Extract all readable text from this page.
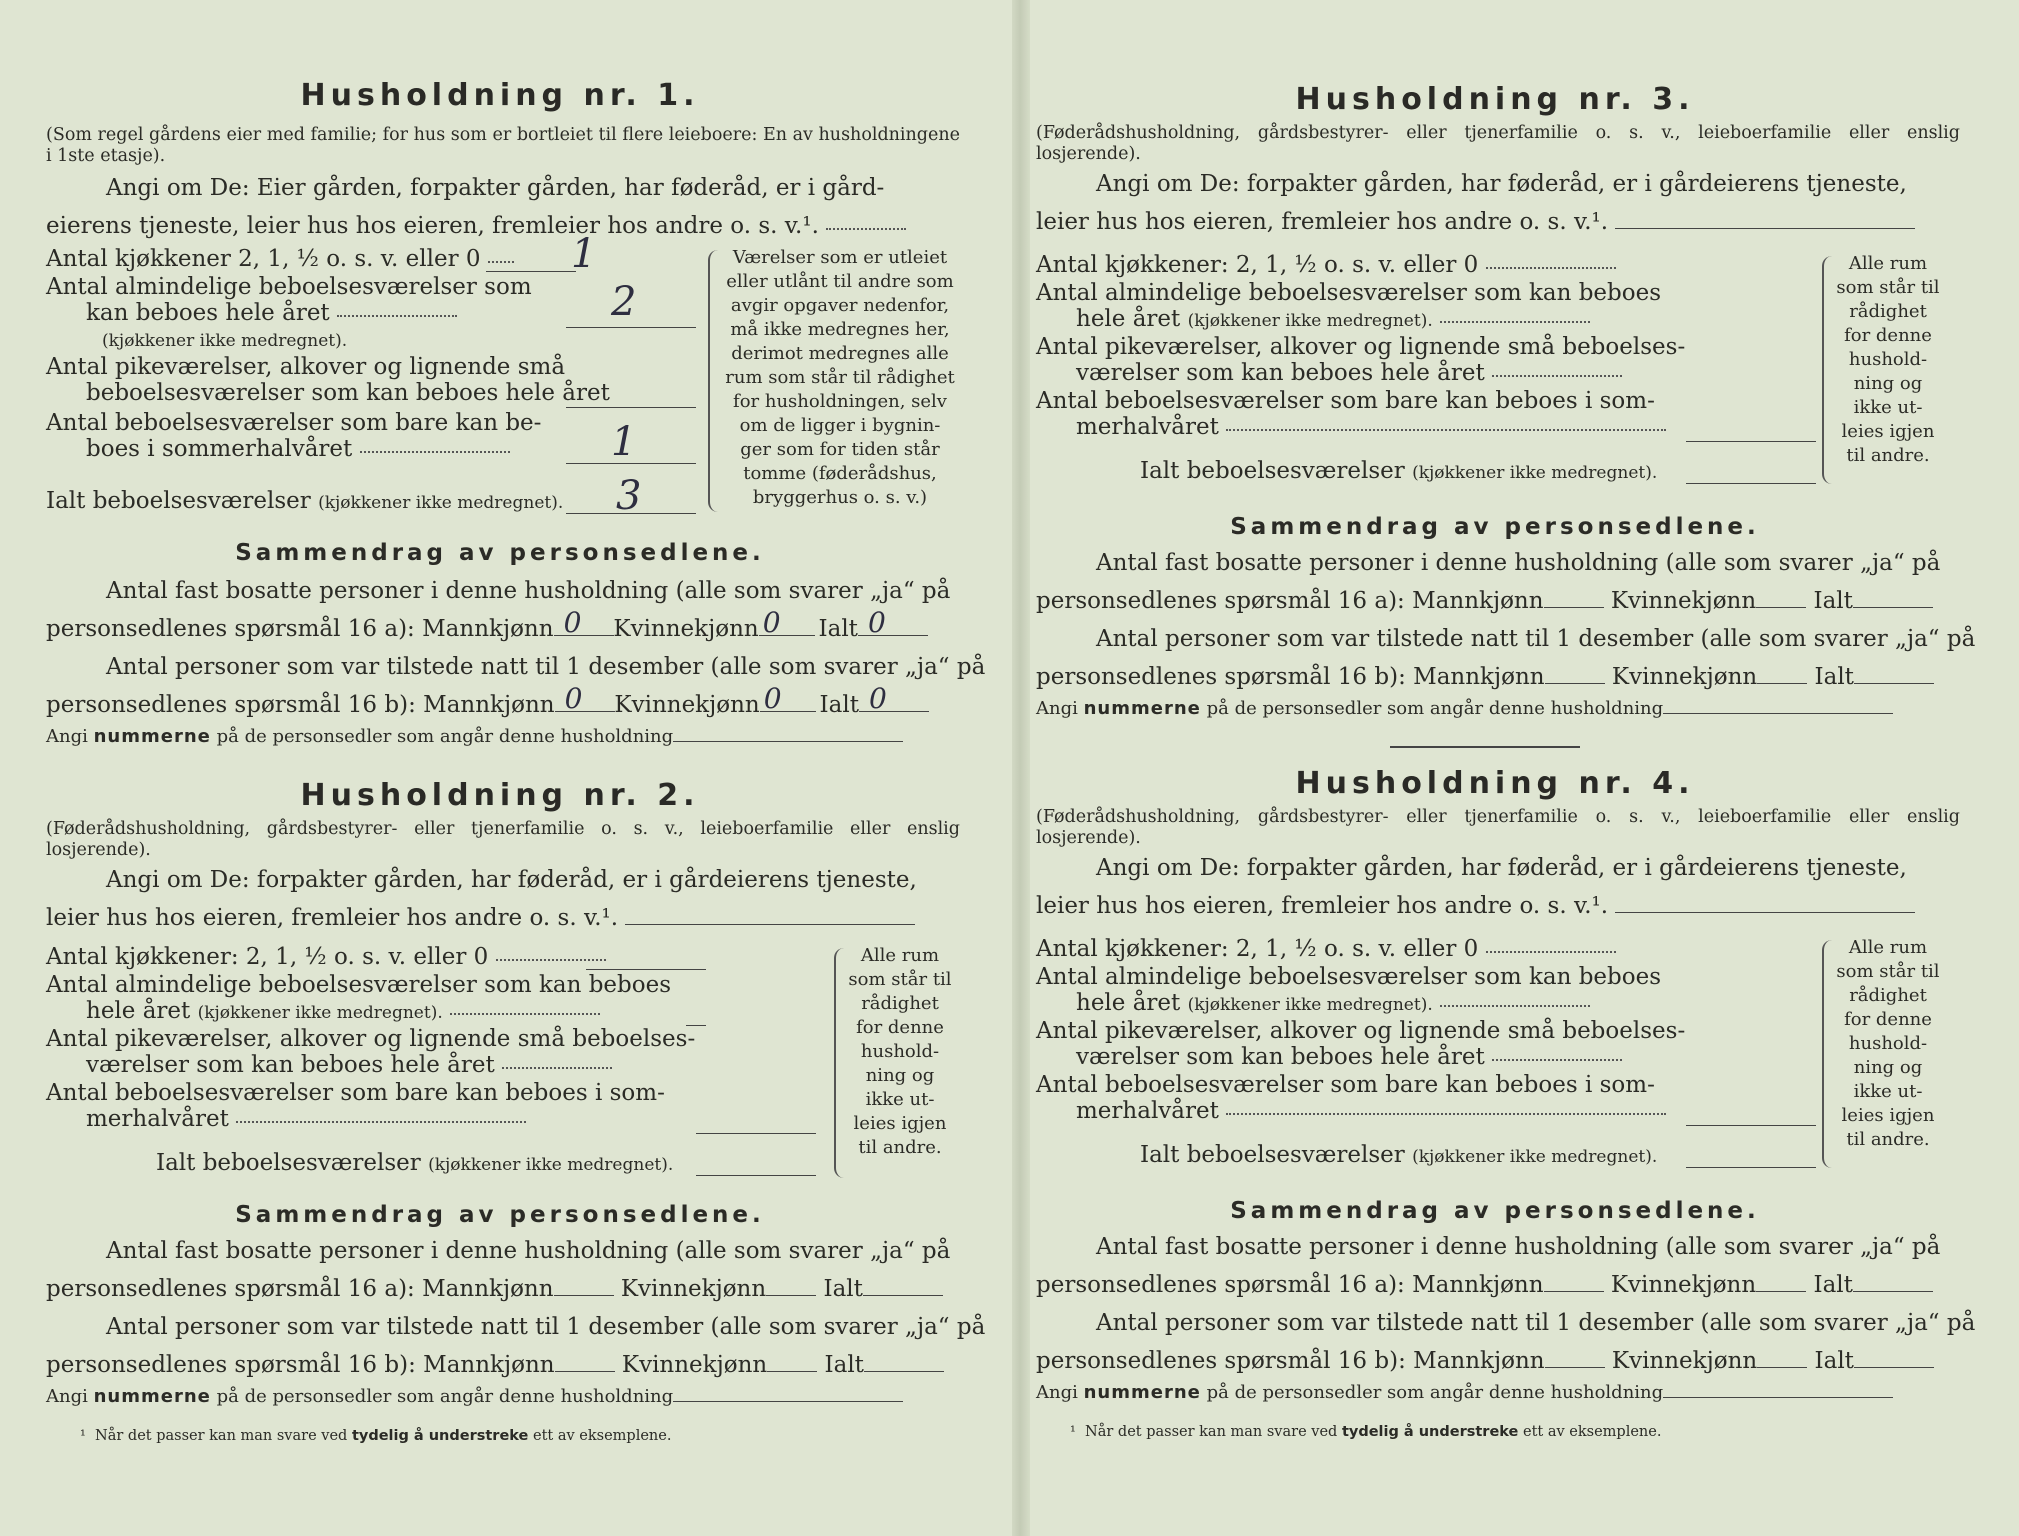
Husholdning nr. 1.

(Som regel gårdens eier med familie; for hus som er bortleiet til flere leieboere: En av husholdningene i 1ste etasje).

Angi om De: Eier gården, forpakter gården, har føderåd, er i gård-

eierens tjeneste, leier hus hos eieren, fremleier hos andre o. s. v.¹.

Antal kjøkkener 2, 1, ½ o. s. v. eller 0	1
Antal almindelige beboelsesværelser som
kan beboes hele året
(kjøkkener ikke medregnet).
2
Antal pikeværelser, alkover og lignende små
beboelsesværelser som kan beboes hele året
Antal beboelsesværelser som bare kan be-
boes i sommerhalvåret	1
Ialt beboelsesværelser (kjøkkener ikke medregnet). 3
Værelser som er utleiet
eller utlånt til andre som
avgir opgaver nedenfor,
må ikke medregnes her,
derimot medregnes alle
rum som står til rådighet
for husholdningen, selv
om de ligger i bygnin-
ger som for tiden står
tomme (føderådshus,
bryggerhus o. s. v.)
Sammendrag av personsedlene.

Antal fast bosatte personer i denne husholdning (alle som svarer „ja“ på

personsedlenes spørsmål 16 a): Mannkjønn 0 Kvinnekjønn 0 Ialt 0

Antal personer som var tilstede natt til 1 desember (alle som svarer „ja“ på

personsedlenes spørsmål 16 b): Mannkjønn 0 Kvinnekjønn 0 Ialt 0

Angi nummerne på de personsedler som angår denne husholdning

Husholdning nr. 2.

(Føderådshusholdning, gårdsbestyrer- eller tjenerfamilie o. s. v., leieboerfamilie eller enslig losjerende).

Angi om De: forpakter gården, har føderåd, er i gårdeierens tjeneste,

leier hus hos eieren, fremleier hos andre o. s. v.¹.

Antal kjøkkener: 2, 1, ½ o. s. v. eller 0
Antal almindelige beboelsesværelser som kan beboes
hele året (kjøkkener ikke medregnet).
Antal pikeværelser, alkover og lignende små beboelses-
værelser som kan beboes hele året
Antal beboelsesværelser som bare kan beboes i som-
merhalvåret
Ialt beboelsesværelser (kjøkkener ikke medregnet).
Alle rum
som står til
rådighet
for denne
hushold-
ning og
ikke ut-
leies igjen
til andre.
Sammendrag av personsedlene.

Antal fast bosatte personer i denne husholdning (alle som svarer „ja“ på

personsedlenes spørsmål 16 a): Mannkjønn	Kvinnekjønn Ialt

Antal personer som var tilstede natt til 1 desember (alle som svarer „ja“ på

personsedlenes spørsmål 16 b): Mannkjønn	Kvinnekjønn Ialt

Angi nummerne på de personsedler som angår denne husholdning

¹ Når det passer kan man svare ved tydelig å understreke ett av eksemplene.
Husholdning nr. 3.

(Føderådshusholdning, gårdsbestyrer- eller tjenerfamilie o. s. v., leieboerfamilie eller enslig losjerende).

Angi om De: forpakter gården, har føderåd, er i gårdeierens tjeneste,

leier hus hos eieren, fremleier hos andre o. s. v.¹.

Antal kjøkkener: 2, 1, ½ o. s. v. eller 0
Antal almindelige beboelsesværelser som kan beboes
hele året (kjøkkener ikke medregnet).
Antal pikeværelser, alkover og lignende små beboelses-
værelser som kan beboes hele året
Antal beboelsesværelser som bare kan beboes i som-
merhalvåret
Ialt beboelsesværelser (kjøkkener ikke medregnet).
Alle rum
som står til
rådighet
for denne
hushold-
ning og
ikke ut-
leies igjen
til andre.
Sammendrag av personsedlene.

Antal fast bosatte personer i denne husholdning (alle som svarer „ja“ på

personsedlenes spørsmål 16 a): Mannkjønn	Kvinnekjønn Ialt

Antal personer som var tilstede natt til 1 desember (alle som svarer „ja“ på

personsedlenes spørsmål 16 b): Mannkjønn	Kvinnekjønn Ialt

Angi nummerne på de personsedler som angår denne husholdning

Husholdning nr. 4.

(Føderådshusholdning, gårdsbestyrer- eller tjenerfamilie o. s. v., leieboerfamilie eller enslig losjerende).

Angi om De: forpakter gården, har føderåd, er i gårdeierens tjeneste,

leier hus hos eieren, fremleier hos andre o. s. v.¹.

Antal kjøkkener: 2, 1, ½ o. s. v. eller 0
Antal almindelige beboelsesværelser som kan beboes
hele året (kjøkkener ikke medregnet).
Antal pikeværelser, alkover og lignende små beboelses-
værelser som kan beboes hele året
Antal beboelsesværelser som bare kan beboes i som-
merhalvåret
Ialt beboelsesværelser (kjøkkener ikke medregnet).
Alle rum
som står til
rådighet
for denne
hushold-
ning og
ikke ut-
leies igjen
til andre.
Sammendrag av personsedlene.

Antal fast bosatte personer i denne husholdning (alle som svarer „ja“ på

personsedlenes spørsmål 16 a): Mannkjønn	Kvinnekjønn Ialt

Antal personer som var tilstede natt til 1 desember (alle som svarer „ja“ på

personsedlenes spørsmål 16 b): Mannkjønn	Kvinnekjønn Ialt

Angi nummerne på de personsedler som angår denne husholdning

¹ Når det passer kan man svare ved tydelig å understreke ett av eksemplene.
